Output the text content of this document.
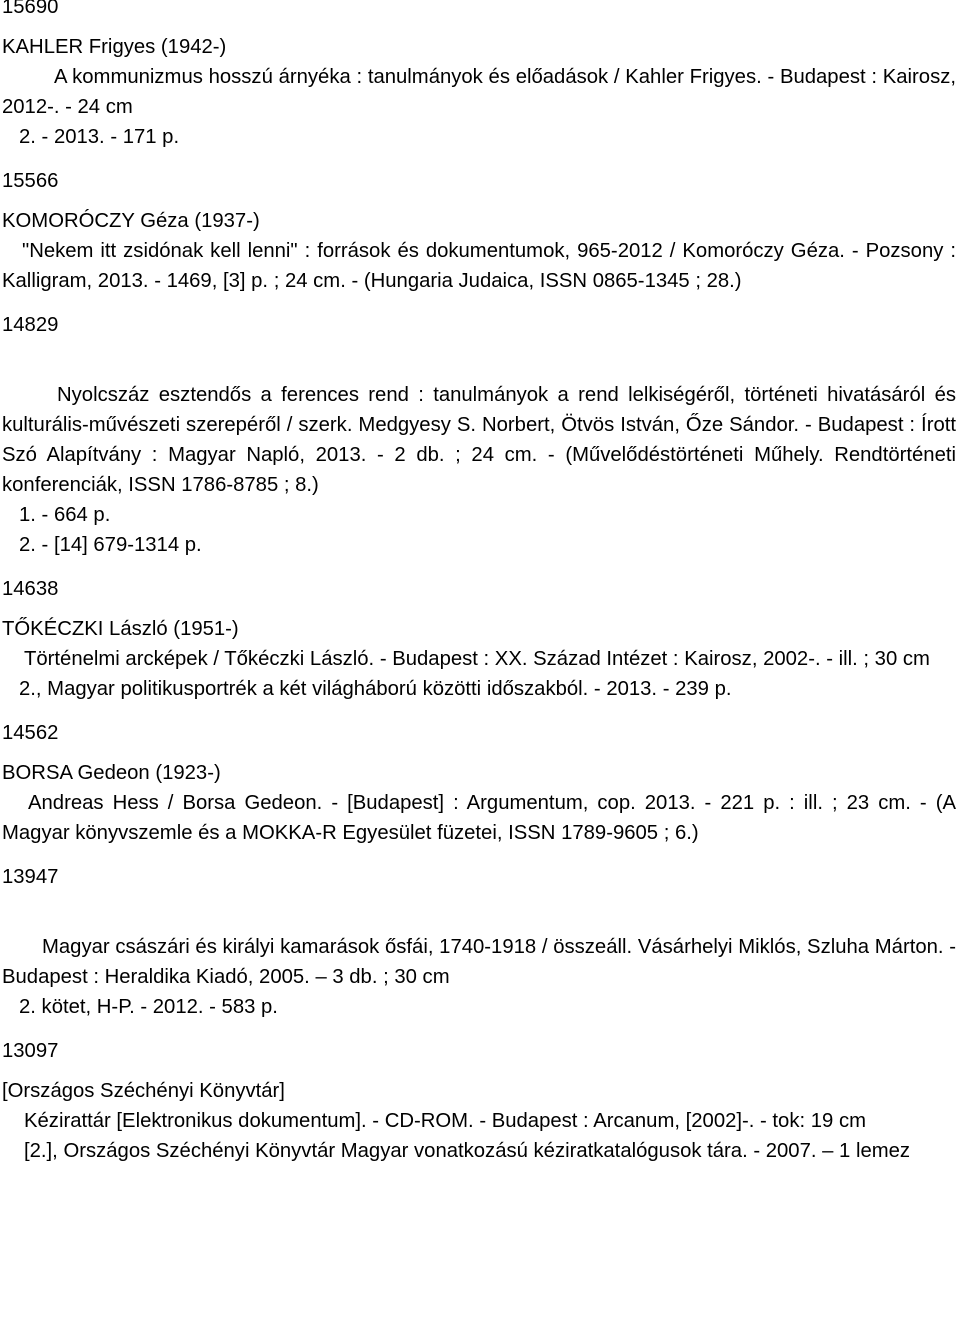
15690
KAHLER Frigyes (1942-)
A kommunizmus hosszú árnyéka : tanulmányok és előadások / Kahler Frigyes. - Budapest : Kairosz, 2012-. - 24 cm
2. - 2013. - 171 p.
15566
KOMORÓCZY Géza (1937-)
"Nekem itt zsidónak kell lenni" : források és dokumentumok, 965-2012 / Komoróczy Géza. - Pozsony : Kalligram, 2013. - 1469, [3] p. ; 24 cm. - (Hungaria Judaica, ISSN 0865-1345 ; 28.)
14829
Nyolcszáz esztendős a ferences rend : tanulmányok a rend lelkiségéről, történeti hivatásáról és kulturális-művészeti szerepéről / szerk. Medgyesy S. Norbert, Ötvös István, Őze Sándor. - Budapest : Írott Szó Alapítvány : Magyar Napló, 2013. - 2 db. ; 24 cm. - (Művelődéstörténeti Műhely. Rendtörténeti konferenciák, ISSN 1786-8785 ; 8.)
1. - 664 p.
2. - [14] 679-1314 p.
14638
TŐKÉCZKI László (1951-)
Történelmi arcképek / Tőkéczki László. - Budapest : XX. Század Intézet : Kairosz, 2002-. - ill. ; 30 cm
2., Magyar politikusportrék a két világháború közötti időszakból. - 2013. - 239 p.
14562
BORSA Gedeon (1923-)
Andreas Hess / Borsa Gedeon. - [Budapest] : Argumentum, cop. 2013. - 221 p. : ill. ; 23 cm. - (A Magyar könyvszemle és a MOKKA-R Egyesület füzetei, ISSN 1789-9605 ; 6.)
13947
Magyar császári és királyi kamarások ősfái, 1740-1918 / összeáll. Vásárhelyi Miklós, Szluha Márton. - Budapest : Heraldika Kiadó, 2005. – 3 db. ; 30 cm
2. kötet, H-P. - 2012. - 583 p.
13097
[Országos Széchényi Könyvtár]
Kézirattár [Elektronikus dokumentum]. - CD-ROM. - Budapest : Arcanum, [2002]-. - tok: 19 cm
[2.], Országos Széchényi Könyvtár Magyar vonatkozású kéziratkatalógusok tára. - 2007. – 1 lemez
